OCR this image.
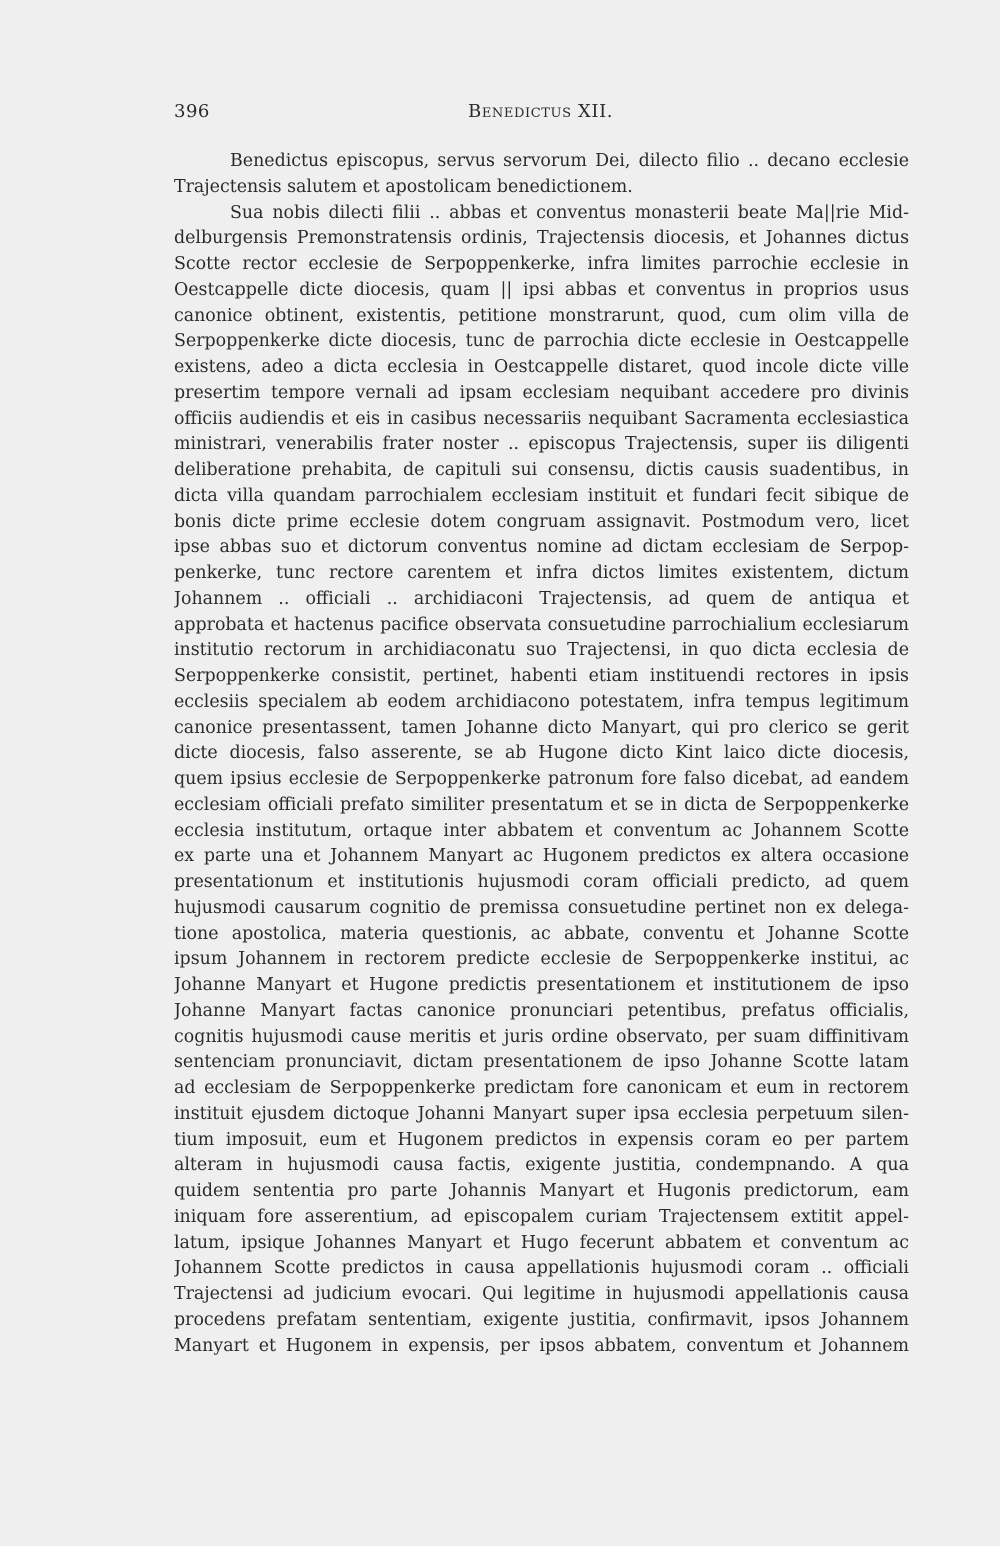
396	Benedictus XII.
Benedictus episcopus, servus servorum Dei, dilecto filio .. decano ecclesie
Trajectensis salutem et apostolicam benedictionem.
Sua nobis dilecti filii .. abbas et conventus monasterii beate Ma||rie Mid-
delburgensis Premonstratensis ordinis, Trajectensis diocesis, et Johannes dictus
Scotte rector ecclesie de Serpoppenkerke, infra limites parrochie ecclesie in
Oestcappelle dicte diocesis, quam || ipsi abbas et conventus in proprios usus
canonice obtinent, existentis, petitione monstrarunt, quod, cum olim villa de
Serpoppenkerke dicte diocesis, tunc de parrochia dicte ecclesie in Oestcappelle
existens, adeo a dicta ecclesia in Oestcappelle distaret, quod incole dicte ville
presertim tempore vernali ad ipsam ecclesiam nequibant accedere pro divinis
officiis audiendis et eis in casibus necessariis nequibant Sacramenta ecclesiastica
ministrari, venerabilis frater noster .. episcopus Trajectensis, super iis diligenti
deliberatione prehabita, de capituli sui consensu, dictis causis suadentibus, in
dicta villa quandam parrochialem ecclesiam instituit et fundari fecit sibique de
bonis dicte prime ecclesie dotem congruam assignavit. Postmodum vero, licet
ipse abbas suo et dictorum conventus nomine ad dictam ecclesiam de Serpop-
penkerke, tunc rectore carentem et infra dictos limites existentem, dictum
Johannem .. officiali .. archidiaconi Trajectensis, ad quem de antiqua et
approbata et hactenus pacifice observata consuetudine parrochialium ecclesiarum
institutio rectorum in archidiaconatu suo Trajectensi, in quo dicta ecclesia de
Serpoppenkerke consistit, pertinet, habenti etiam instituendi rectores in ipsis
ecclesiis specialem ab eodem archidiacono potestatem, infra tempus legitimum
canonice presentassent, tamen Johanne dicto Manyart, qui pro clerico se gerit
dicte diocesis, falso asserente, se ab Hugone dicto Kint laico dicte diocesis,
quem ipsius ecclesie de Serpoppenkerke patronum fore falso dicebat, ad eandem
ecclesiam officiali prefato similiter presentatum et se in dicta de Serpoppenkerke
ecclesia institutum, ortaque inter abbatem et conventum ac Johannem Scotte
ex parte una et Johannem Manyart ac Hugonem predictos ex altera occasione
presentationum et institutionis hujusmodi coram officiali predicto, ad quem
hujusmodi causarum cognitio de premissa consuetudine pertinet non ex delega-
tione apostolica, materia questionis, ac abbate, conventu et Johanne Scotte
ipsum Johannem in rectorem predicte ecclesie de Serpoppenkerke institui, ac
Johanne Manyart et Hugone predictis presentationem et institutionem de ipso
Johanne Manyart factas canonice pronunciari petentibus, prefatus officialis,
cognitis hujusmodi cause meritis et juris ordine observato, per suam diffinitivam
sentenciam pronunciavit, dictam presentationem de ipso Johanne Scotte latam
ad ecclesiam de Serpoppenkerke predictam fore canonicam et eum in rectorem
instituit ejusdem dictoque Johanni Manyart super ipsa ecclesia perpetuum silen-
tium imposuit, eum et Hugonem predictos in expensis coram eo per partem
alteram in hujusmodi causa factis, exigente justitia, condempnando. A qua
quidem sententia pro parte Johannis Manyart et Hugonis predictorum, eam
iniquam fore asserentium, ad episcopalem curiam Trajectensem extitit appel-
latum, ipsique Johannes Manyart et Hugo fecerunt abbatem et conventum ac
Johannem Scotte predictos in causa appellationis hujusmodi coram .. officiali
Trajectensi ad judicium evocari. Qui legitime in hujusmodi appellationis causa
procedens prefatam sententiam, exigente justitia, confirmavit, ipsos Johannem
Manyart et Hugonem in expensis, per ipsos abbatem, conventum et Johannem
